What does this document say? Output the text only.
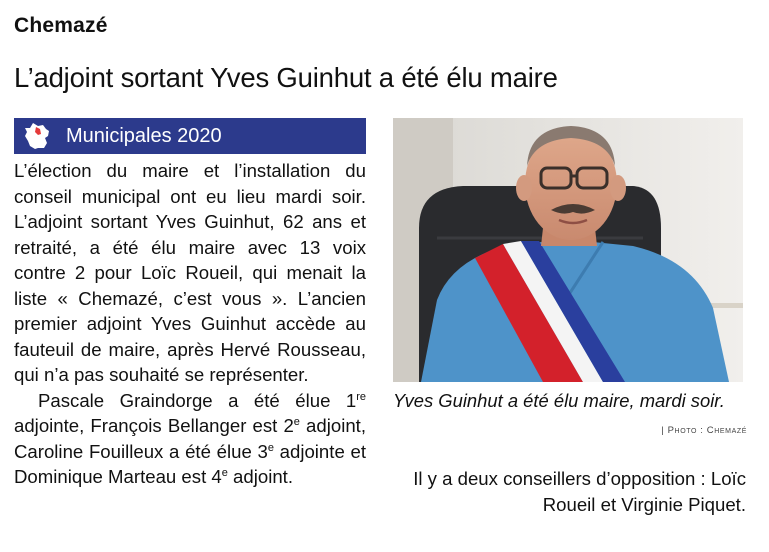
Chemazé
L’adjoint sortant Yves Guinhut a été élu maire
Municipales 2020

L’élection du maire et l’installation du conseil municipal ont eu lieu mardi soir. L’adjoint sortant Yves Guinhut, 62 ans et retraité, a été élu maire avec 13 voix contre 2 pour Loïc Roueil, qui menait la liste « Chemazé, c’est vous ». L’ancien premier adjoint Yves Guinhut accède au fauteuil de maire, après Hervé Rousseau, qui n’a pas souhaité se représenter.

Pascale Graindorge a été élue 1re adjointe, François Bellanger est 2e adjoint, Caroline Fouilleux a été élue 3e adjointe et Dominique Marteau est 4e adjoint.

Yves Guinhut a été élu maire, mardi soir.
| Photo : Chemazé

Il y a deux conseillers d’opposition : Loïc Roueil et Virginie Piquet.
